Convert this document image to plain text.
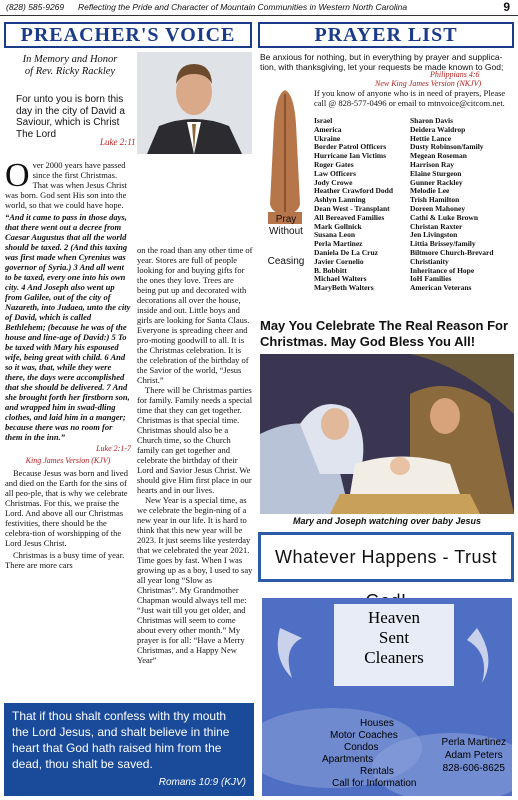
(828) 585-9269 Reflecting the Pride and Character of Mountain Communities in Western North Carolina	9
PREACHER'S VOICE
In Memory and Honor
of Rev. Ricky Rackley
For unto you is born this day in the city of David a Saviour, which is Christ The Lord
Luke 2:11

Over 2000 years have passed since the first Christmas. That was when Jesus Christ was born. God sent His son into the world, so that we could have hope.

“And it came to pass in those days, that there went out a decree from Caesar Augustus that all the world should be taxed. 2 (And this taxing was first made when Cyrenius was governor of Syria.) 3 And all went to be taxed, every one into his own city. 4 And Joseph also went up from Galilee, out of the city of Nazareth, into Judaea, unto the city of David, which is called Bethlehem; (because he was of the house and line-age of David:) 5 To be taxed with Mary his espoused wife, being great with child. 6 And so it was, that, while they were there, the days were accomplished that she should be delivered. 7 And she brought forth her firstborn son, and wrapped him in swad-dling clothes, and laid him in a manger; because there was no room for them in the inn.”

Luke 2:1-7

King James Version (KJV)

Because Jesus was born and lived and died on the Earth for the sins of all peo-ple, that is why we celebrate Christmas. For this, we praise the Lord. And above all our Christmas festivities, there should be the celebra-tion of worshipping of the Lord Jesus Christ.

Christmas is a busy time of year. There are more cars

on the road than any other time of year. Stores are full of people looking for and buying gifts for the ones they love. Trees are being put up and decorated with decorations all over the house, inside and out. Little boys and girls are looking for Santa Claus. Everyone is spreading cheer and pro-moting goodwill to all. It is the Christmas celebration. It is the celebration of the birthday of the Savior of the world, “Jesus Christ.”

There will be Christmas parties for family. Family needs a special time that they can get together. Christmas is that special time. Christmas should also be a Church time, so the Church family can get together and celebrate the birthday of their Lord and Savior Jesus Christ. We should give Him first place in our hearts and in our lives.

New Year is a special time, as we celebrate the begin-ning of a new year in our life. It is hard to think that this new year will be 2023. It just seems like yesterday that we celebrated the year 2021. Time goes by fast. When I was growing up as a boy, I used to say all year long “Slow as Christmas”. My Grandmother Chapman would always tell me: “Just wait till you get older, and Christmas will seem to come about every other month.” My prayer is for all: “Have a Merry Christmas, and a Happy New Year”

That if thou shalt confess with thy mouth the Lord Jesus, and shalt believe in thine heart that God hath raised him from the dead, thou shalt be saved.
Romans 10:9 (KJV)
PRAYER LIST
Be anxious for nothing, but in everything by prayer and supplica-tion, with thanksgiving, let your requests be made known to God;
Philippians 4:6
New King James Version (NKJV)
Pray Without
Ceasing
If you know of anyone who is in need of prayers, Please call @ 828-577-0496 or email to mtnvoice@citcom.net.
Israel
America
Ukraine
Border Patrol Officers
Hurricane Ian Victims
Roger Gates
Law Officers
Jody Crowe
Heather Crawford Dodd
Ashlyn Lanning
Dean West - Transplant
All Bereaved Families
Mark Gollnick
Susana Leon
Perla Martinez
Daniela De La Cruz
Javier Cornelio
B. Bobbitt
Michael Walters
MaryBeth Walters
Sharon Davis
Deidera Waldrop
Hettie Lance
Dusty Robinson/family
Megean Roseman
Harrison Ray
Elaine Sturgeon
Gunner Rackley
Melodie Lee
Trish Hamilton
Doreen Mahoney
Cathi & Luke Brown
Christan Raxter
Jen Livingston
Littia Brissey/family
Biltmore Church-Brevard
Christianity
Inheritance of Hope
IoH Families
American Veterans
May You Celebrate The Real Reason For Christmas. May God Bless You All!
Mary and Joseph watching over baby Jesus
Whatever Happens - Trust
Heaven
Sent
Cleaners
Houses
Motor Coaches
Condos
Apartments
Rentals
Call for Information
Perla Martinez
Adam Peters
828-606-8625
